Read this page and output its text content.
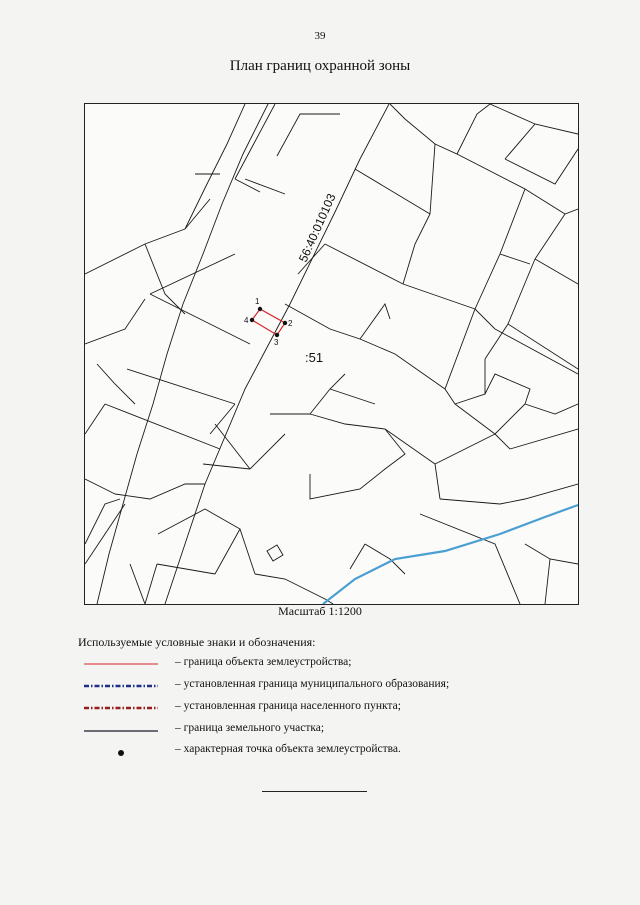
39
План границ охранной зоны
1
2
3
4
56:40:010103
:51
Масштаб 1:1200
Используемые условные знаки и обозначения:
– граница объекта землеустройства;
– установленная граница муниципального образования;
– установленная граница населенного пункта;
– граница земельного участка;
– характерная точка объекта землеустройства.
